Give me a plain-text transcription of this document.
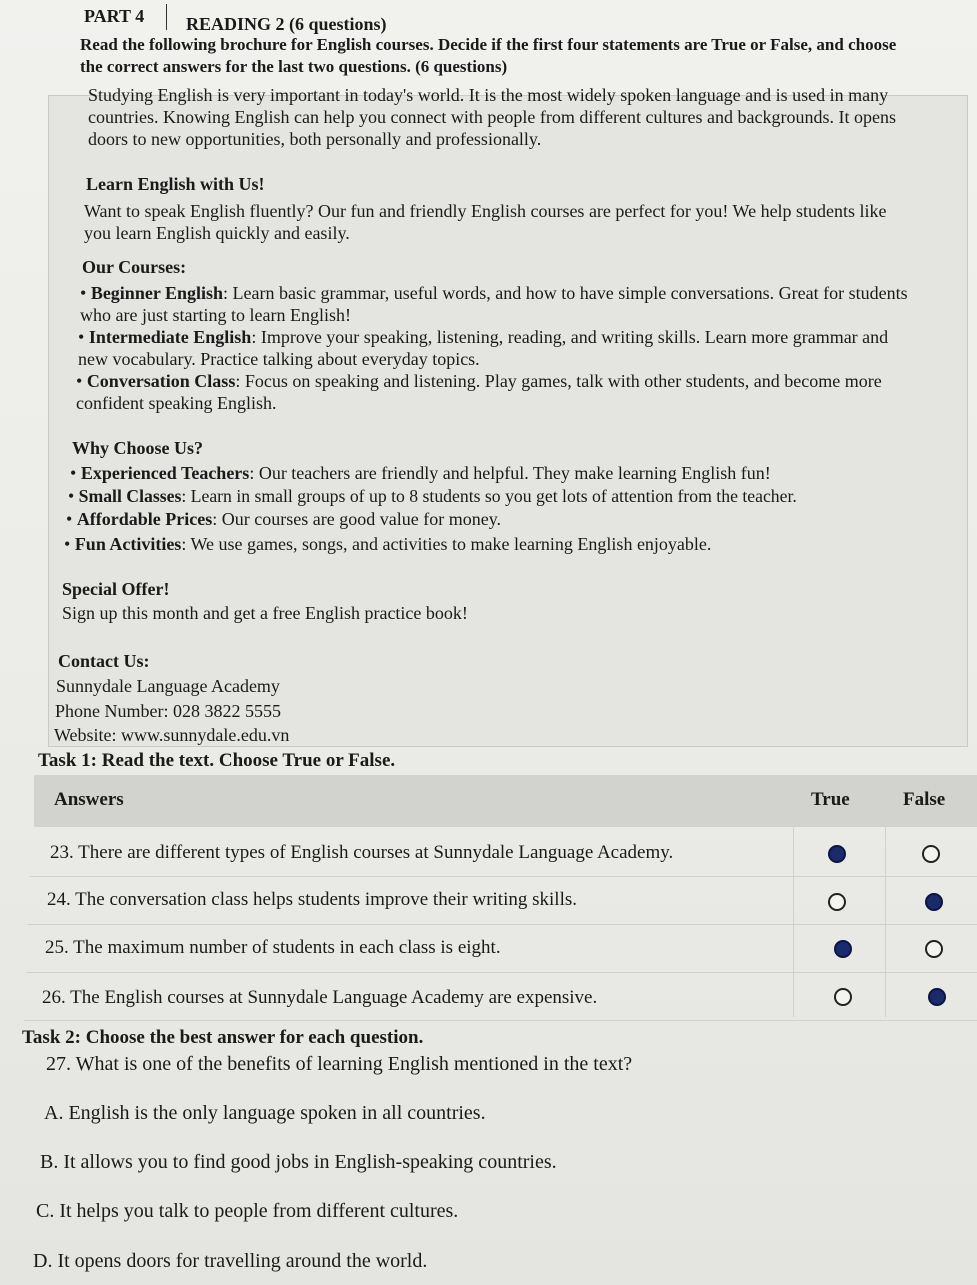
PART 4 READING 2 (6 questions)
Read the following brochure for English courses. Decide if the first four statements are True or False, and choose the correct answers for the last two questions. (6 questions)
Studying English is very important in today's world. It is the most widely spoken language and is used in many countries. Knowing English can help you connect with people from different cultures and backgrounds. It opens doors to new opportunities, both personally and professionally.
Learn English with Us!
Want to speak English fluently? Our fun and friendly English courses are perfect for you! We help students like you learn English quickly and easily.
Our Courses:
• Beginner English: Learn basic grammar, useful words, and how to have simple conversations. Great for students who are just starting to learn English!
• Intermediate English: Improve your speaking, listening, reading, and writing skills. Learn more grammar and new vocabulary. Practice talking about everyday topics.
• Conversation Class: Focus on speaking and listening. Play games, talk with other students, and become more confident speaking English.
Why Choose Us?
• Experienced Teachers: Our teachers are friendly and helpful. They make learning English fun!
• Small Classes: Learn in small groups of up to 8 students so you get lots of attention from the teacher.
• Affordable Prices: Our courses are good value for money.
• Fun Activities: We use games, songs, and activities to make learning English enjoyable.
Special Offer!
Sign up this month and get a free English practice book!
Contact Us:
Sunnydale Language Academy
Phone Number: 028 3822 5555
Website: www.sunnydale.edu.vn
Task 1: Read the text. Choose True or False.
Answers	True	False
23. There are different types of English courses at Sunnydale Language Academy.
24. The conversation class helps students improve their writing skills.
25. The maximum number of students in each class is eight.
26. The English courses at Sunnydale Language Academy are expensive.
Task 2: Choose the best answer for each question.
27. What is one of the benefits of learning English mentioned in the text?
A. English is the only language spoken in all countries.
B. It allows you to find good jobs in English-speaking countries.
C. It helps you talk to people from different cultures.
D. It opens doors for travelling around the world.
